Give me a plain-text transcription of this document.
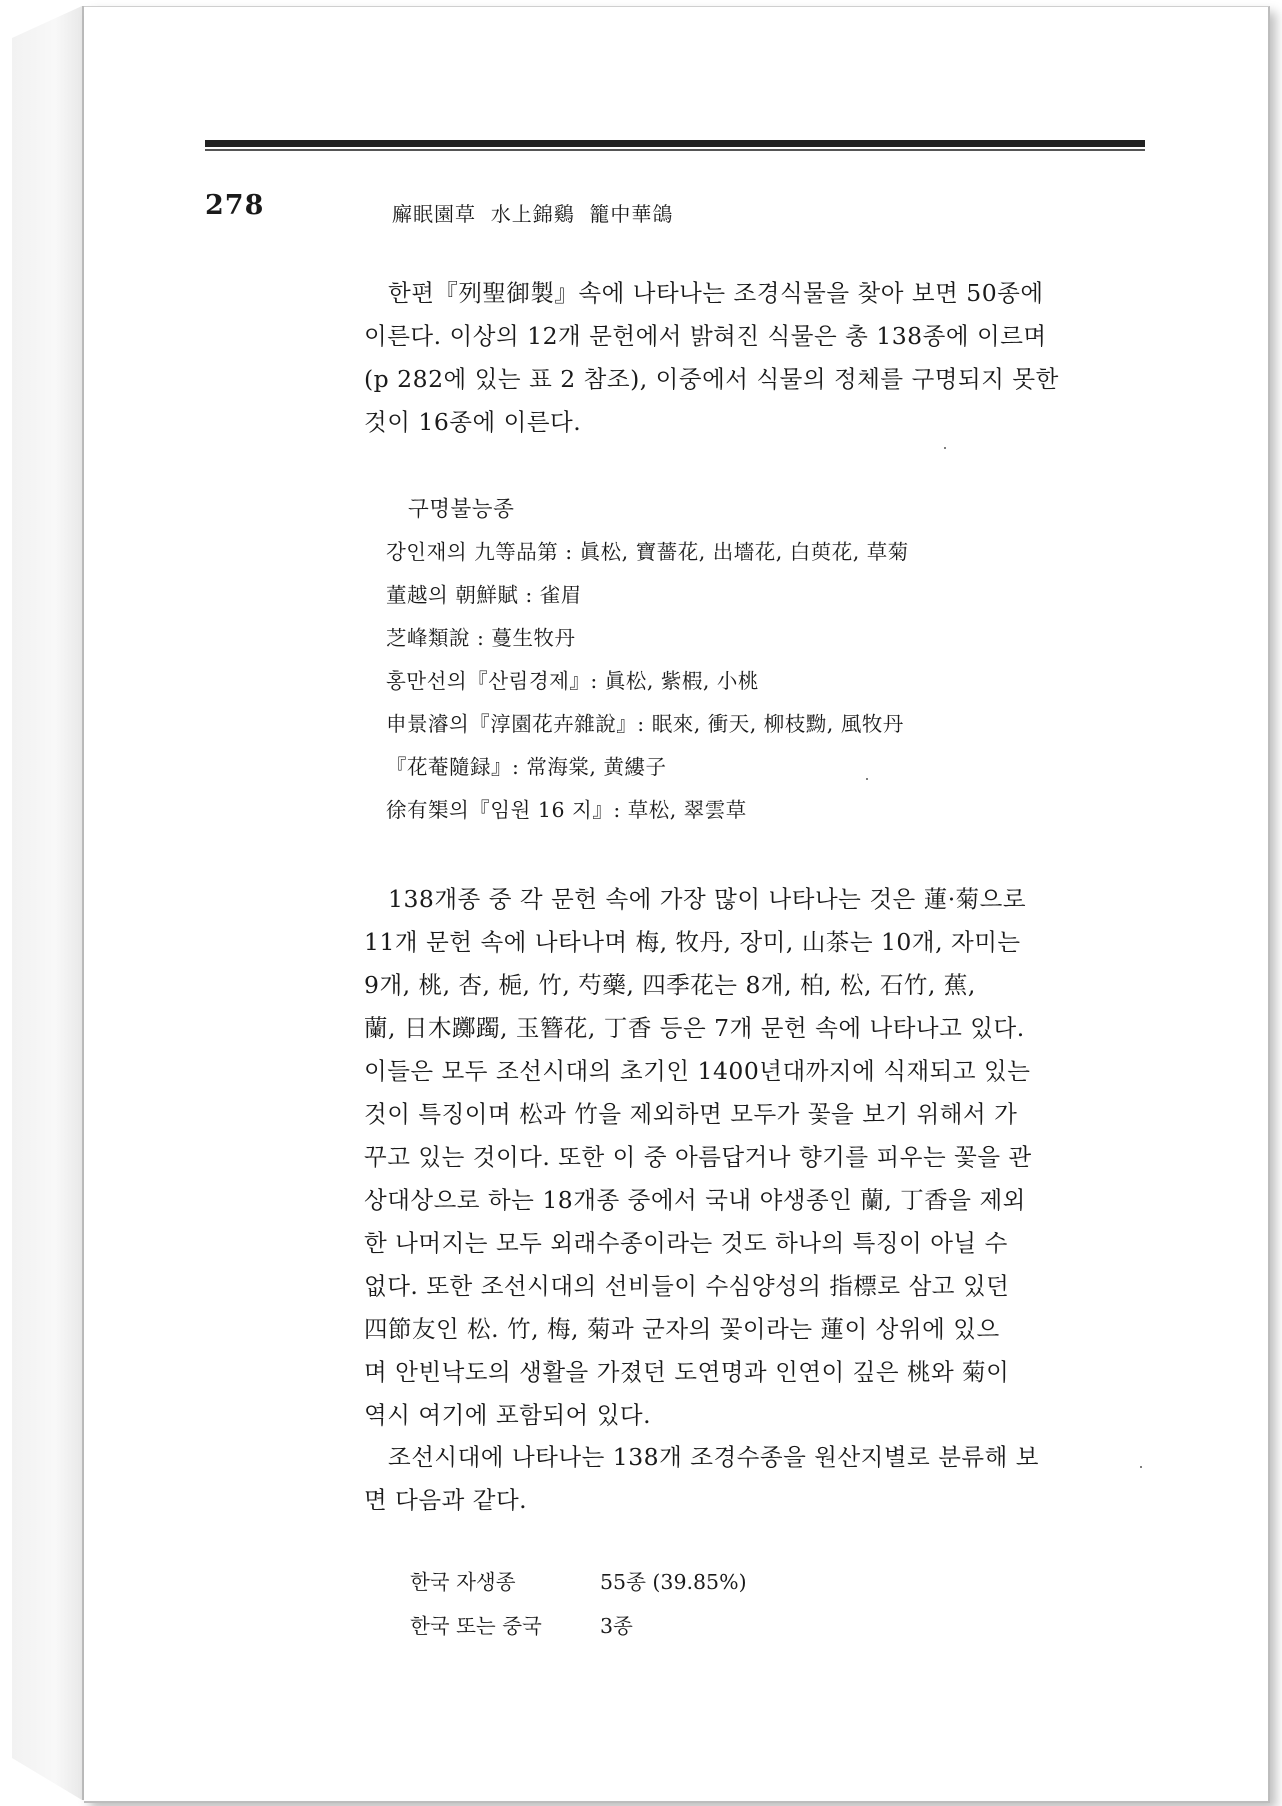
278	廨眠園草  水上錦鷄  籠中華鴿
한편『列聖御製』속에 나타나는 조경식물을 찾아 보면 50종에
이른다. 이상의 12개 문헌에서 밝혀진 식물은 총 138종에 이르며
(p 282에 있는 표 2 참조), 이중에서 식물의 정체를 구명되지 못한
것이 16종에 이른다.
구명불능종
강인재의 九等品第 : 眞松, 寶薔花, 出墻花, 白萸花, 草菊
董越의 朝鮮賦 : 雀眉
芝峰類說 : 蔓生牧丹
홍만선의『산림경제』: 眞松, 紫椵, 小桃
申景濬의『淳園花卉雜說』: 眠來, 衝天, 柳枝黝, 風牧丹
『花菴隨録』: 常海棠, 黄縷子
徐有榘의『임원 16 지』: 草松, 翠雲草
138개종 중 각 문헌 속에 가장 많이 나타나는 것은 蓮·菊으로
11개 문헌 속에 나타나며 梅, 牧丹, 장미, 山茶는 10개, 자미는
9개, 桃, 杏, 梔, 竹, 芍藥, 四季花는 8개, 柏, 松, 石竹, 蕉,
蘭, 日木躑躅, 玉簪花, 丁香 등은 7개 문헌 속에 나타나고 있다.
이들은 모두 조선시대의 초기인 1400년대까지에 식재되고 있는
것이 특징이며 松과 竹을 제외하면 모두가 꽃을 보기 위해서 가
꾸고 있는 것이다. 또한 이 중 아름답거나 향기를 피우는 꽃을 관
상대상으로 하는 18개종 중에서 국내 야생종인 蘭, 丁香을 제외
한 나머지는 모두 외래수종이라는 것도 하나의 특징이 아닐 수
없다. 또한 조선시대의 선비들이 수심양성의 指標로 삼고 있던
四節友인 松. 竹, 梅, 菊과 군자의 꽃이라는 蓮이 상위에 있으
며 안빈낙도의 생활을 가졌던 도연명과 인연이 깊은 桃와 菊이
역시 여기에 포함되어 있다.
조선시대에 나타나는 138개 조경수종을 원산지별로 분류해 보
면 다음과 같다.
한국 자생종	55종 (39.85%)
한국 또는 중국	3종
